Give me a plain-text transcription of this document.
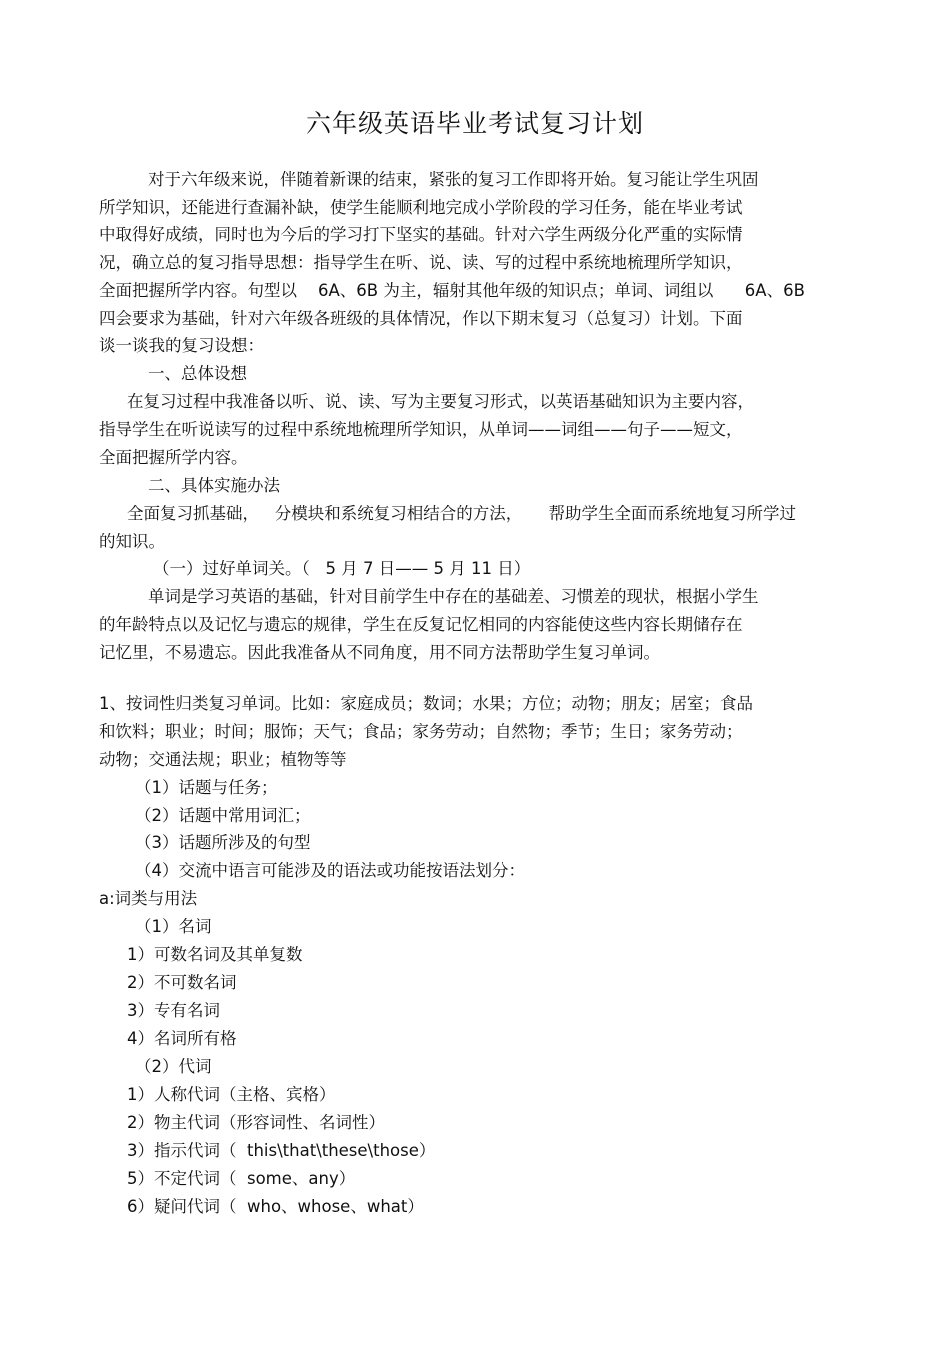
六年级英语毕业考试复习计划
对于六年级来说，伴随着新课的结束，紧张的复习工作即将开始。复习能让学生巩固
所学知识，还能进行查漏补缺，使学生能顺利地完成小学阶段的学习任务，能在毕业考试
中取得好成绩，同时也为今后的学习打下坚实的基础。针对六学生两级分化严重的实际情
况，确立总的复习指导思想：指导学生在听、说、读、写的过程中系统地梳理所学知识，
全面把握所学内容。句型以    6A、6B 为主，辐射其他年级的知识点；单词、词组以      6A、6B
四会要求为基础，针对六年级各班级的具体情况，作以下期末复习（总复习）计划。下面
谈一谈我的复习设想：
一、总体设想
在复习过程中我准备以听、说、读、写为主要复习形式，以英语基础知识为主要内容，
指导学生在听说读写的过程中系统地梳理所学知识，从单词——词组——句子——短文，
全面把握所学内容。
二、具体实施办法
全面复习抓基础，   分模块和系统复习相结合的方法，     帮助学生全面而系统地复习所学过
的知识。
（一）过好单词关。（   5 月 7 日—— 5 月 11 日）
单词是学习英语的基础，针对目前学生中存在的基础差、习惯差的现状，根据小学生
的年龄特点以及记忆与遗忘的规律，学生在反复记忆相同的内容能使这些内容长期储存在
记忆里，不易遗忘。因此我准备从不同角度，用不同方法帮助学生复习单词。
1、按词性归类复习单词。比如：家庭成员；数词；水果；方位；动物；朋友；居室；食品
和饮料；职业；时间；服饰；天气；食品；家务劳动；自然物；季节；生日；家务劳动；
动物；交通法规；职业；植物等等
（1）话题与任务；
（2）话题中常用词汇；
（3）话题所涉及的句型
（4）交流中语言可能涉及的语法或功能按语法划分：
a:词类与用法
（1）名词
1）可数名词及其单复数
2）不可数名词
3）专有名词
4）名词所有格
（2）代词
1）人称代词（主格、宾格）
2）物主代词（形容词性、名词性）
3）指示代词（  this\that\these\those）
5）不定代词（  some、any）
6）疑问代词（  who、whose、what）
